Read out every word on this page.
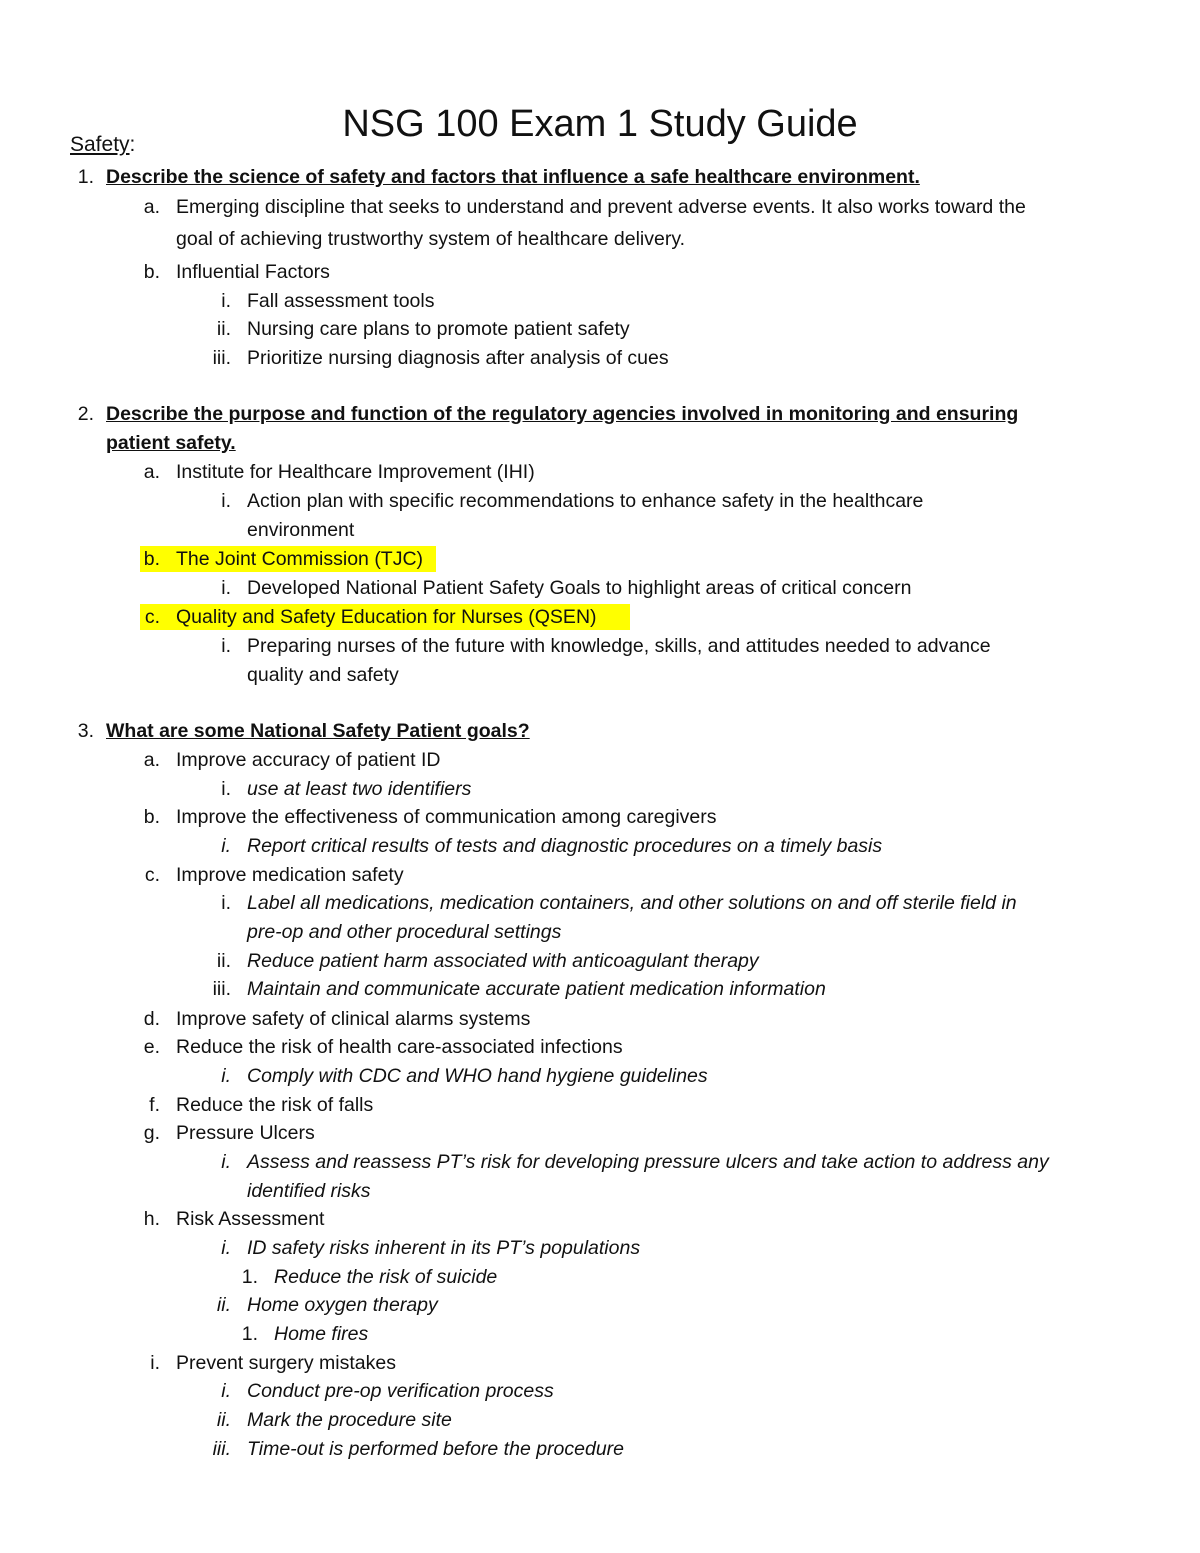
NSG 100 Exam 1 Study Guide
Safety:
1. Describe the science of safety and factors that influence a safe healthcare environment.
a. Emerging discipline that seeks to understand and prevent adverse events. It also works toward the
goal of achieving trustworthy system of healthcare delivery.
b. Influential Factors
i. Fall assessment tools
ii. Nursing care plans to promote patient safety
iii. Prioritize nursing diagnosis after analysis of cues
2. Describe the purpose and function of the regulatory agencies involved in monitoring and ensuring
patient safety.
a. Institute for Healthcare Improvement (IHI)
i. Action plan with specific recommendations to enhance safety in the healthcare
environment
b. The Joint Commission (TJC)
i. Developed National Patient Safety Goals to highlight areas of critical concern
c. Quality and Safety Education for Nurses (QSEN)
i. Preparing nurses of the future with knowledge, skills, and attitudes needed to advance
quality and safety
3. What are some National Safety Patient goals?
a. Improve accuracy of patient ID
i. use at least two identifiers
b. Improve the effectiveness of communication among caregivers
i. Report critical results of tests and diagnostic procedures on a timely basis
c. Improve medication safety
i. Label all medications, medication containers, and other solutions on and off sterile field in
pre-op and other procedural settings
ii. Reduce patient harm associated with anticoagulant therapy
iii. Maintain and communicate accurate patient medication information
d. Improve safety of clinical alarms systems
e. Reduce the risk of health care-associated infections
i. Comply with CDC and WHO hand hygiene guidelines
f. Reduce the risk of falls
g. Pressure Ulcers
i. Assess and reassess PT’s risk for developing pressure ulcers and take action to address any
identified risks
h. Risk Assessment
i. ID safety risks inherent in its PT’s populations
1. Reduce the risk of suicide
ii. Home oxygen therapy
1. Home fires
i. Prevent surgery mistakes
i. Conduct pre-op verification process
ii. Mark the procedure site
iii. Time-out is performed before the procedure
